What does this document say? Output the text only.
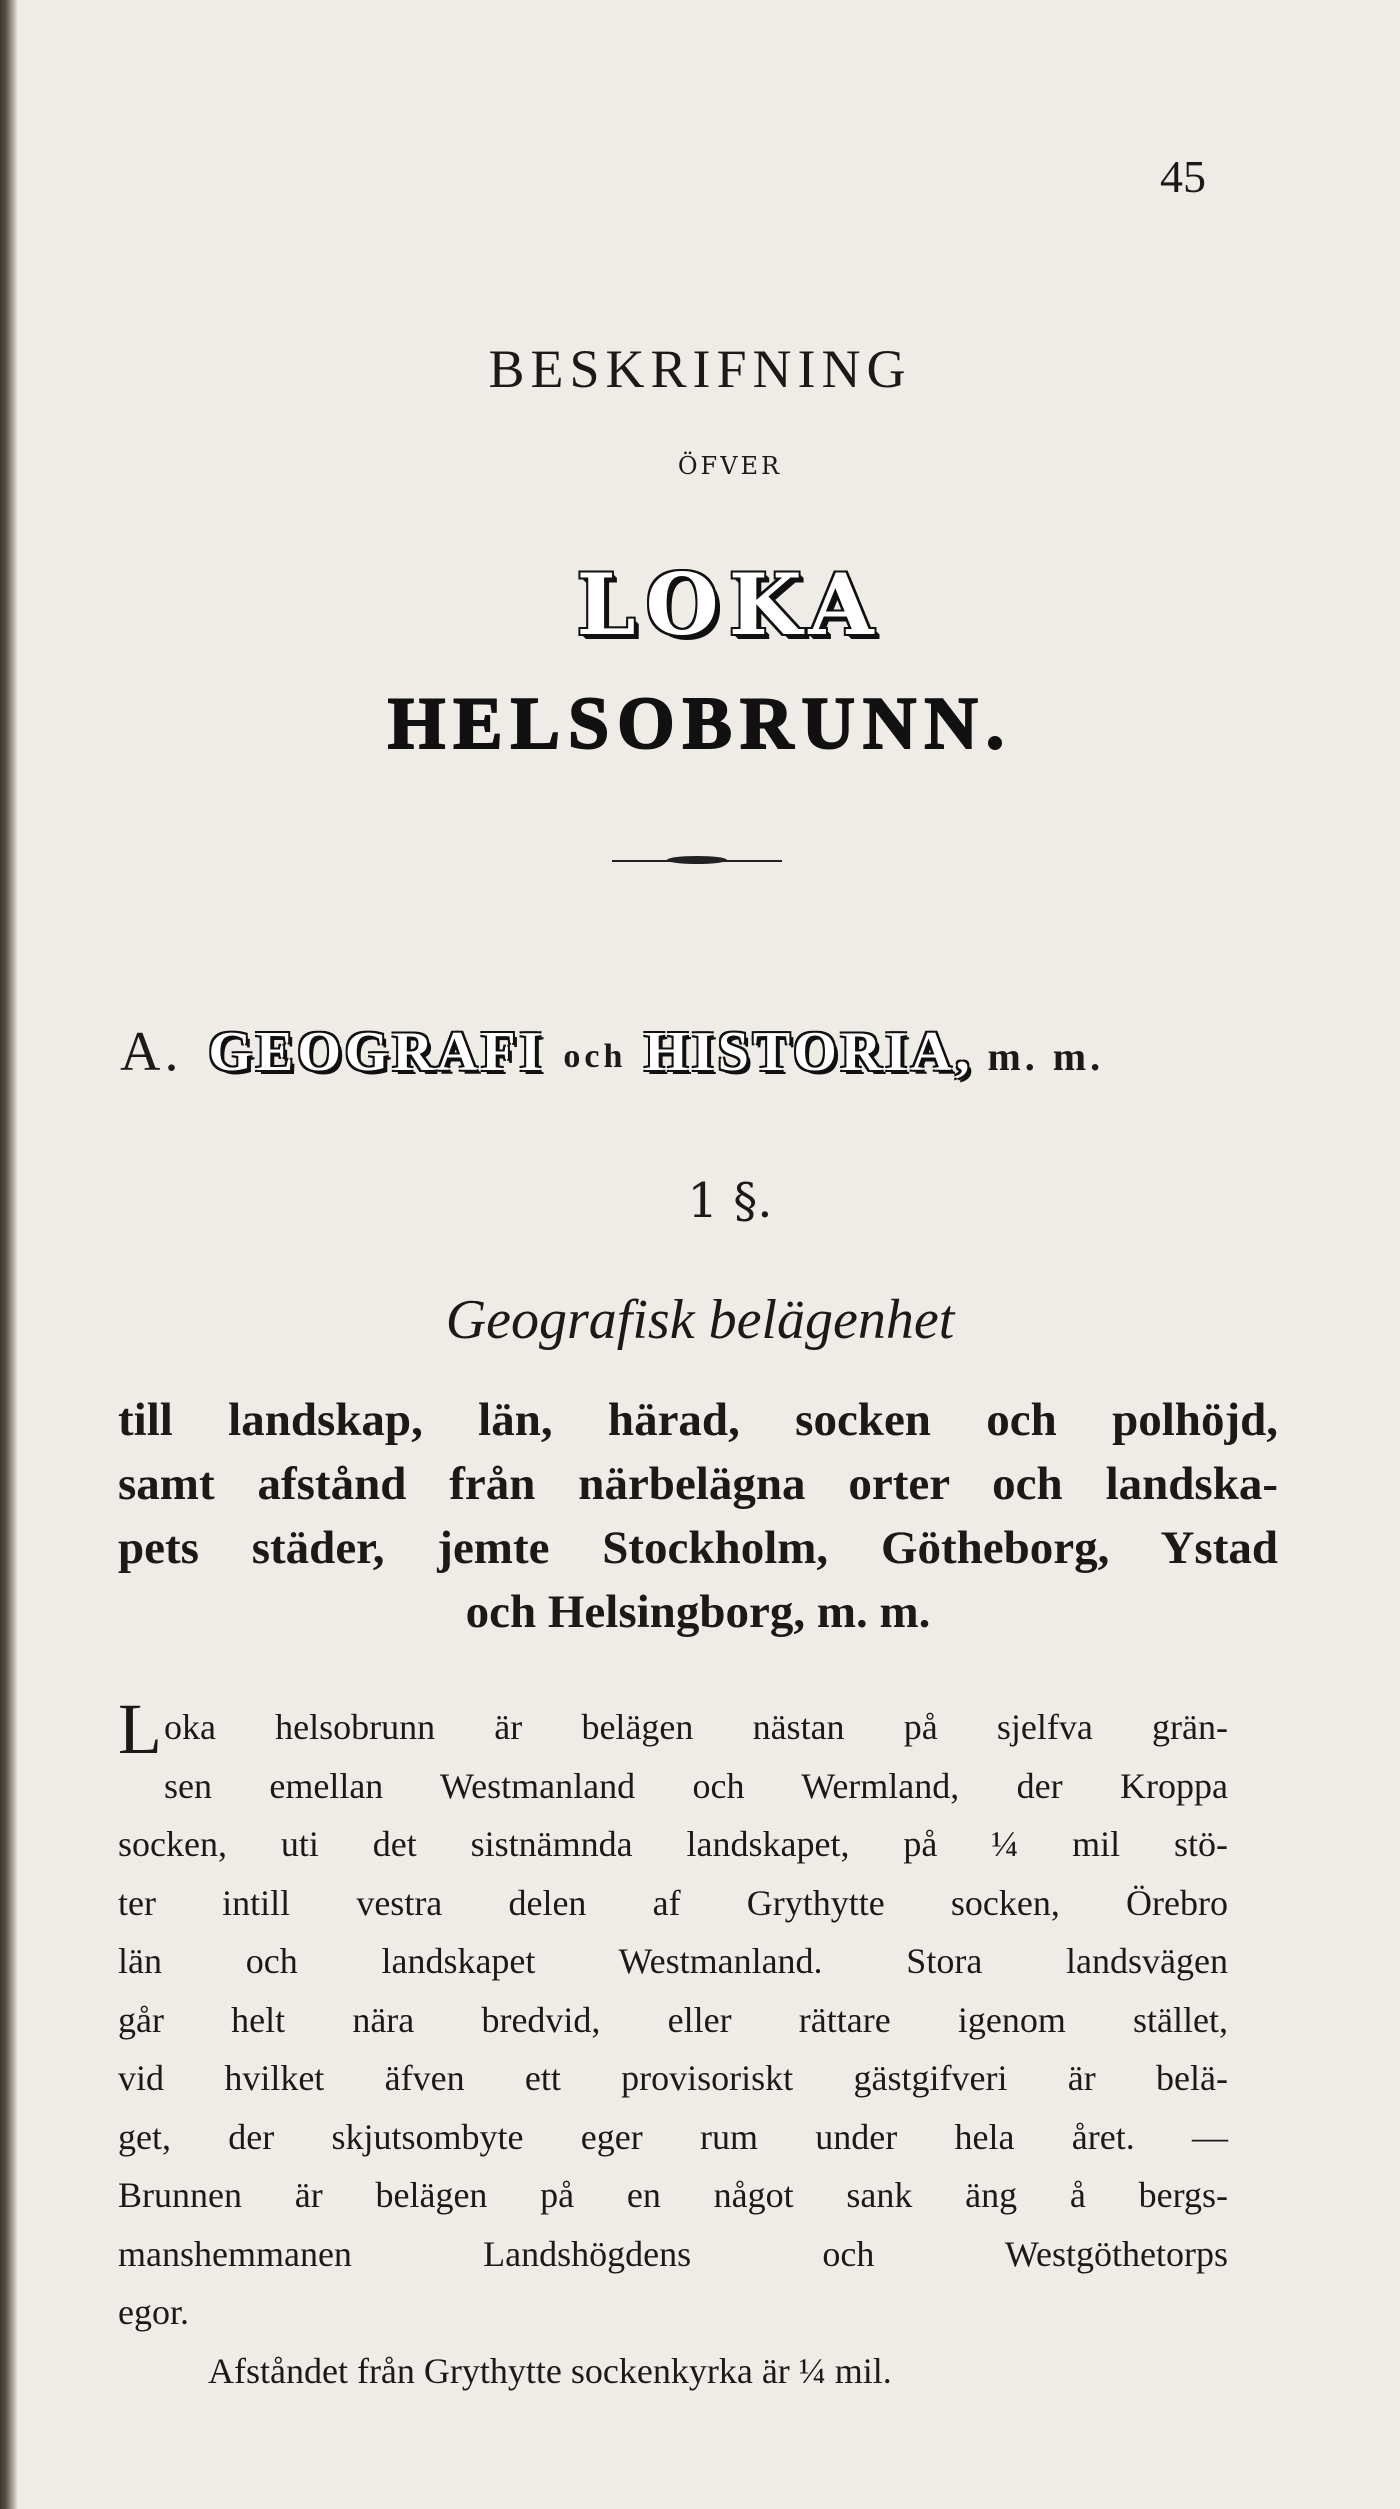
45
BESKRIFNING
ÖFVER
LOKA
HELSOBRUNN.
A. GEOGRAFI och HISTORIA, m. m.
1 §.
Geografisk belägenhet
till landskap, län, härad, socken och polhöjd,
samt afstånd från närbelägna orter och landska-
pets städer, jemte Stockholm, Götheborg, Ystad
och Helsingborg, m. m.
L oka helsobrunn är belägen nästan på sjelfva grän-
sen emellan Westmanland och Wermland, der Kroppa
socken, uti det sistnämnda landskapet, på ¼ mil stö-
ter intill vestra delen af Grythytte socken, Örebro
län och landskapet Westmanland. Stora landsvägen
går helt nära bredvid, eller rättare igenom stället,
vid hvilket äfven ett provisoriskt gästgifveri är belä-
get, der skjutsombyte eger rum under hela året. —
Brunnen är belägen på en något sank äng å bergs-
manshemmanen Landshögdens och Westgöthetorps
egor.
Afståndet från Grythytte sockenkyrka är ¼ mil.
